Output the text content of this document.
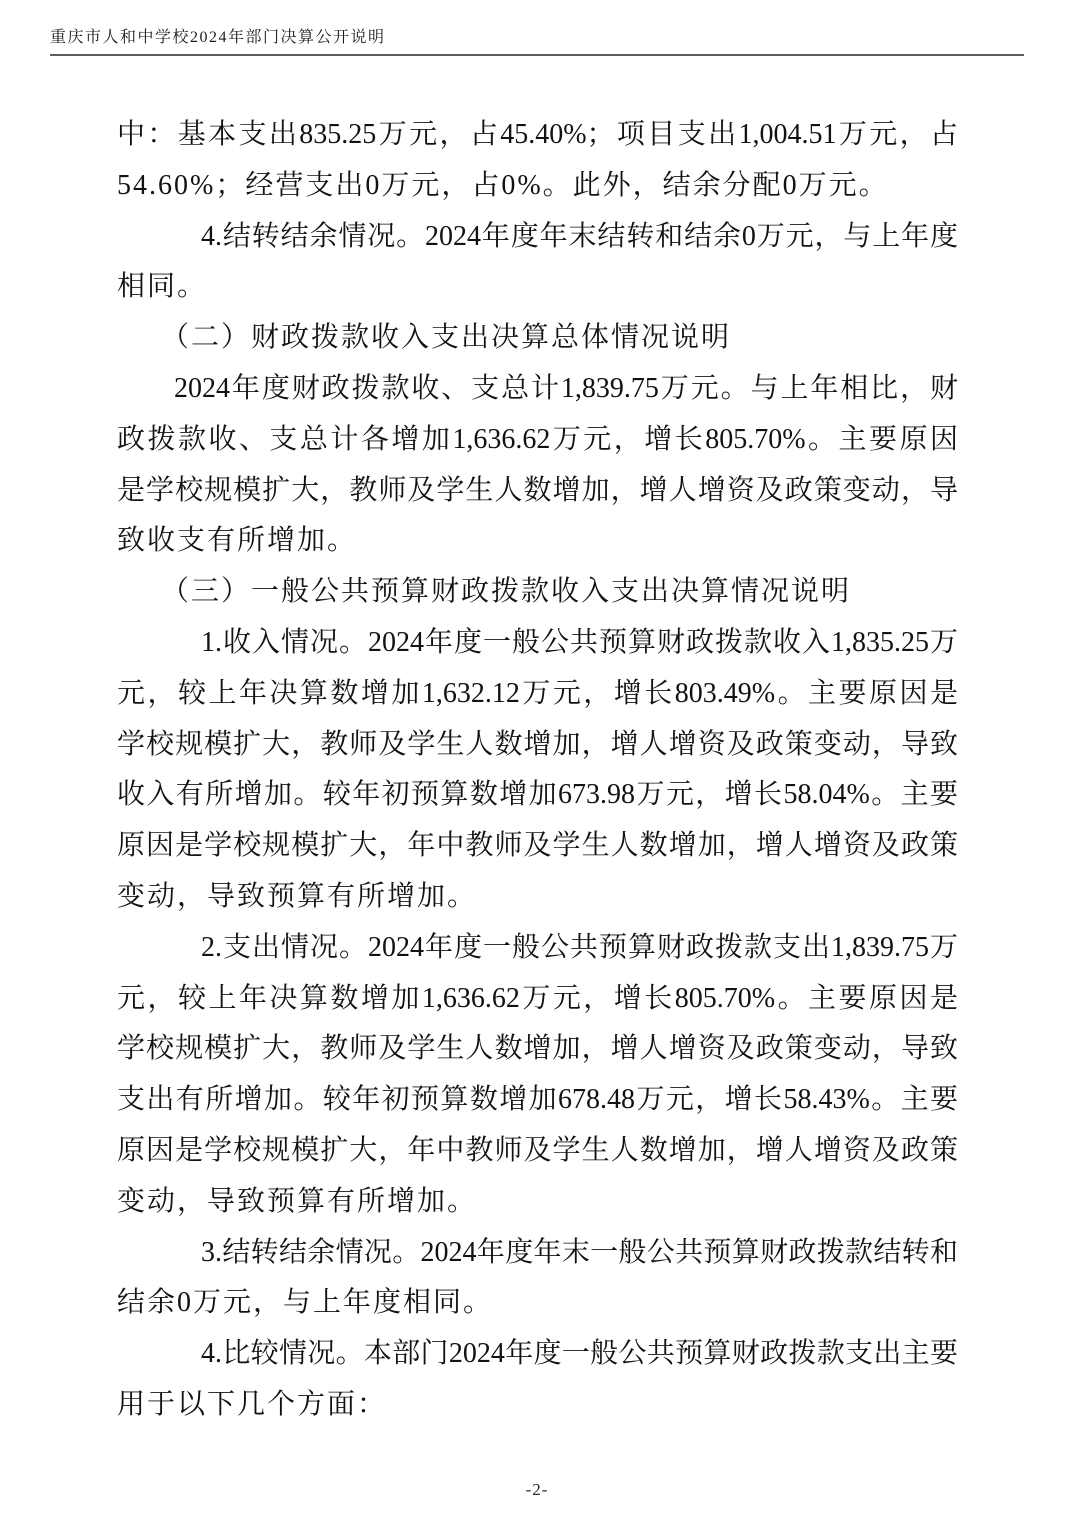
重庆市人和中学校2024年部门决算公开说明
中：基本支出835.25万元，占45.40%；项目支出1,004.51万元，占
54.60%；经营支出0万元，占0%。此外，结余分配0万元。
4.结转结余情况。2024年度年末结转和结余0万元，与上年度
相同。
（二）财政拨款收入支出决算总体情况说明
2024年度财政拨款收、支总计1,839.75万元。与上年相比，财
政拨款收、支总计各增加1,636.62万元，增长805.70%。主要原因
是学校规模扩大，教师及学生人数增加，增人增资及政策变动，导
致收支有所增加。
（三）一般公共预算财政拨款收入支出决算情况说明
1.收入情况。2024年度一般公共预算财政拨款收入1,835.25万
元，较上年决算数增加1,632.12万元，增长803.49%。主要原因是
学校规模扩大，教师及学生人数增加，增人增资及政策变动，导致
收入有所增加。较年初预算数增加673.98万元，增长58.04%。主要
原因是学校规模扩大，年中教师及学生人数增加，增人增资及政策
变动，导致预算有所增加。
2.支出情况。2024年度一般公共预算财政拨款支出1,839.75万
元，较上年决算数增加1,636.62万元，增长805.70%。主要原因是
学校规模扩大，教师及学生人数增加，增人增资及政策变动，导致
支出有所增加。较年初预算数增加678.48万元，增长58.43%。主要
原因是学校规模扩大，年中教师及学生人数增加，增人增资及政策
变动，导致预算有所增加。
3.结转结余情况。2024年度年末一般公共预算财政拨款结转和
结余0万元，与上年度相同。
4.比较情况。本部门2024年度一般公共预算财政拨款支出主要
用于以下几个方面：
-2-
